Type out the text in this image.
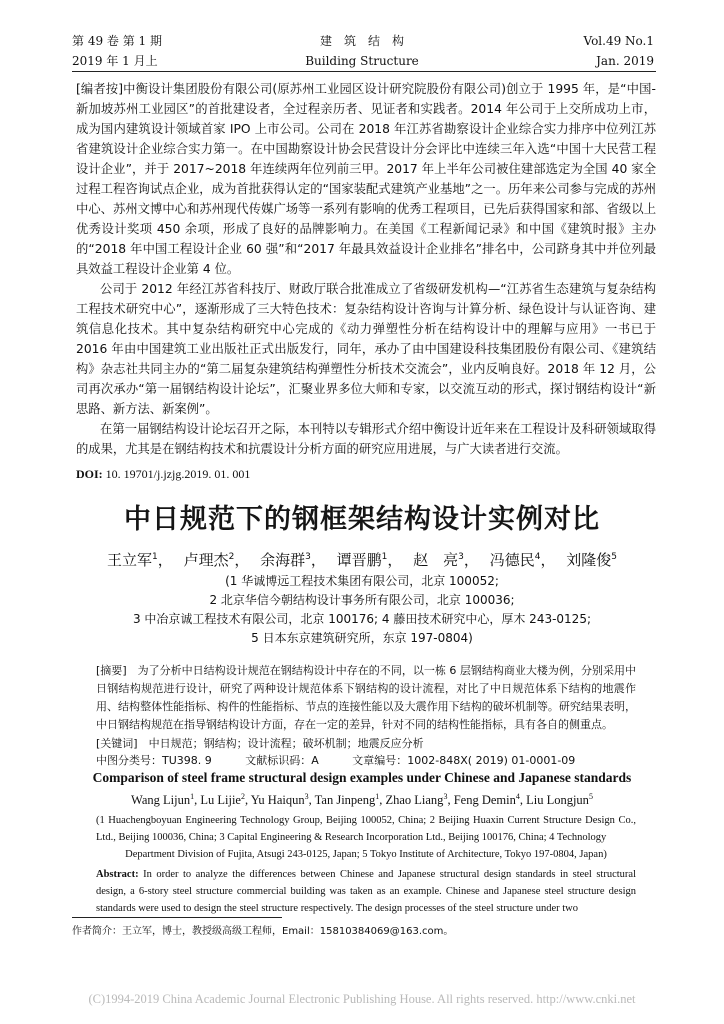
第 49 卷 第 1 期
2019 年 1 月上
建　筑　结　构
Building Structure
Vol.49 No.1
Jan. 2019

[编者按]中衡设计集团股份有限公司(原苏州工业园区设计研究院股份有限公司)创立于 1995 年，是“中国-新加坡苏州工业园区”的首批建设者，全过程亲历者、见证者和实践者。2014 年公司于上交所成功上市，成为国内建筑设计领域首家 IPO 上市公司。公司在 2018 年江苏省勘察设计企业综合实力排序中位列江苏省建筑设计企业综合实力第一。在中国勘察设计协会民营设计分会评比中连续三年入选“中国十大民营工程设计企业”，并于 2017~2018 年连续两年位列前三甲。2017 年上半年公司被住建部选定为全国 40 家全过程工程咨询试点企业，成为首批获得认定的“国家装配式建筑产业基地”之一。历年来公司参与完成的苏州中心、苏州文博中心和苏州现代传媒广场等一系列有影响的优秀工程项目，已先后获得国家和部、省级以上优秀设计奖项 450 余项，形成了良好的品牌影响力。在美国《工程新闻记录》和中国《建筑时报》主办的“2018 年中国工程设计企业 60 强”和“2017 年最具效益设计企业排名”排名中，公司跻身其中并位列最具效益工程设计企业第 4 位。

公司于 2012 年经江苏省科技厅、财政厅联合批准成立了省级研发机构—“江苏省生态建筑与复杂结构工程技术研究中心”，逐渐形成了三大特色技术：复杂结构设计咨询与计算分析、绿色设计与认证咨询、建筑信息化技术。其中复杂结构研究中心完成的《动力弹塑性分析在结构设计中的理解与应用》一书已于 2016 年由中国建筑工业出版社正式出版发行，同年，承办了由中国建设科技集团股份有限公司、《建筑结构》杂志社共同主办的“第二届复杂建筑结构弹塑性分析技术交流会”，业内反响良好。2018 年 12 月，公司再次承办“第一届钢结构设计论坛”，汇聚业界多位大师和专家，以交流互动的形式，探讨钢结构设计“新思路、新方法、新案例”。

在第一届钢结构设计论坛召开之际，本刊特以专辑形式介绍中衡设计近年来在工程设计及科研领域取得的成果，尤其是在钢结构技术和抗震设计分析方面的研究应用进展，与广大读者进行交流。

DOI: 10. 19701/j.jzjg.2019. 01. 001
中日规范下的钢框架结构设计实例对比
王立军$^1$， 卢理杰$^2$， 余海群$^3$， 谭晋鹏$^1$， 赵　亮$^3$， 冯德民$^4$， 刘隆俊$^5$
(1 华诚博远工程技术集团有限公司，北京 100052;
2 北京华信今朝结构设计事务所有限公司，北京 100036;
3 中冶京诚工程技术有限公司，北京 100176; 4 藤田技术研究中心，厚木 243-0125;
5 日本东京建筑研究所，东京 197-0804)

[摘要]　为了分析中日结构设计规范在钢结构设计中存在的不同，以一栋 6 层钢结构商业大楼为例，分别采用中日钢结构规范进行设计，研究了两种设计规范体系下钢结构的设计流程，对比了中日规范体系下结构的地震作用、结构整体性能指标、构件的性能指标、节点的连接性能以及大震作用下结构的破坏机制等。研究结果表明，中日钢结构规范在指导钢结构设计方面，存在一定的差异，针对不同的结构性能指标，具有各自的侧重点。

[关键词]　中日规范；钢结构；设计流程；破坏机制；地震反应分析
中图分类号：TU398. 9	文献标识码：A	文章编号：1002-848X( 2019) 01-0001-09
Comparison of steel frame structural design examples under Chinese and Japanese standards
Wang Lijun$^1$, Lu Lijie$^2$, Yu Haiqun$^3$, Tan Jinpeng$^1$, Zhao Liang$^3$, Feng Demin$^4$, Liu Longjun$^5$
(1 Huachengboyuan Engineering Technology Group, Beijing 100052, China; 2 Beijing Huaxin Current Structure Design Co., Ltd., Beijing 100036, China; 3 Capital Engineering & Research Incorporation Ltd., Beijing 100176, China; 4 Technology
Department Division of Fujita, Atsugi 243-0125, Japan; 5 Tokyo Institute of Architecture, Tokyo 197-0804, Japan)
Abstract: In order to analyze the differences between Chinese and Japanese structural design standards in steel structural design, a 6-story steel structure commercial building was taken as an example. Chinese and Japanese steel structure design standards were used to design the steel structure respectively. The design processes of the steel structure under two
作者简介：王立军，博士，教授级高级工程师，Email：15810384069@163.com。
(C)1994-2019 China Academic Journal Electronic Publishing House. All rights reserved. http://www.cnki.net
